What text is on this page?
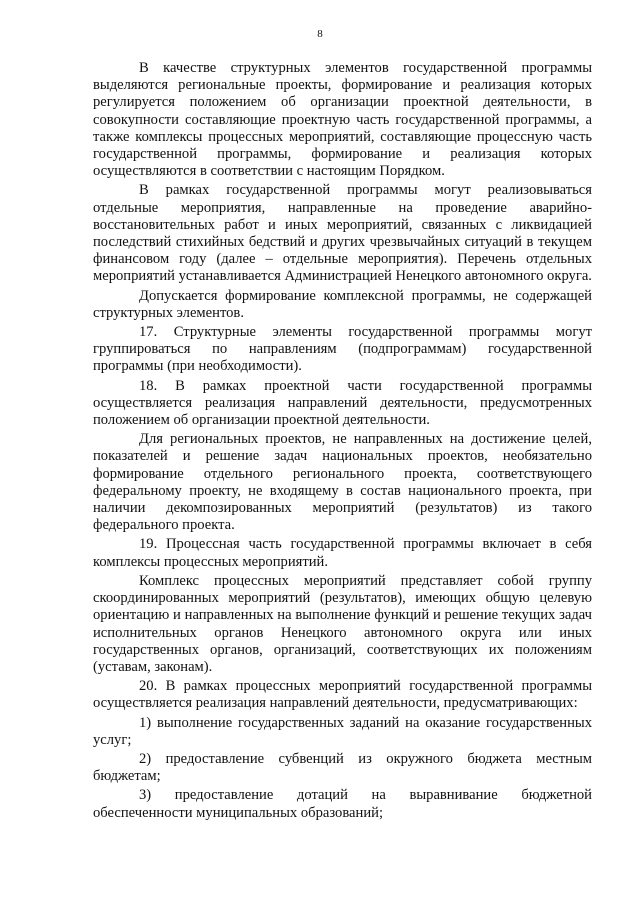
8

В качестве структурных элементов государственной программы выделяются региональные проекты, формирование и реализация которых регулируется положением об организации проектной деятельности, в совокупности составляющие проектную часть государственной программы, а также комплексы процессных мероприятий, составляющие процессную часть государственной программы, формирование и реализация которых осуществляются в соответствии с настоящим Порядком.

В рамках государственной программы могут реализовываться отдельные мероприятия, направленные на проведение аварийно-восстановительных работ и иных мероприятий, связанных с ликвидацией последствий стихийных бедствий и других чрезвычайных ситуаций в текущем финансовом году (далее – отдельные мероприятия). Перечень отдельных мероприятий устанавливается Администрацией Ненецкого автономного округа.

Допускается формирование комплексной программы, не содержащей структурных элементов.

17. Структурные элементы государственной программы могут группироваться по направлениям (подпрограммам) государственной программы (при необходимости).

18. В рамках проектной части государственной программы осуществляется реализация направлений деятельности, предусмотренных положением об организации проектной деятельности.

Для региональных проектов, не направленных на достижение целей, показателей и решение задач национальных проектов, необязательно формирование отдельного регионального проекта, соответствующего федеральному проекту, не входящему в состав национального проекта, при наличии декомпозированных мероприятий (результатов) из такого федерального проекта.

19. Процессная часть государственной программы включает в себя комплексы процессных мероприятий.

Комплекс процессных мероприятий представляет собой группу скоординированных мероприятий (результатов), имеющих общую целевую ориентацию и направленных на выполнение функций и решение текущих задач исполнительных органов Ненецкого автономного округа или иных государственных органов, организаций, соответствующих их положениям (уставам, законам).

20. В рамках процессных мероприятий государственной программы осуществляется реализация направлений деятельности, предусматривающих:

1) выполнение государственных заданий на оказание государственных услуг;

2) предоставление субвенций из окружного бюджета местным бюджетам;

3) предоставление дотаций на выравнивание бюджетной обеспеченности муниципальных образований;
